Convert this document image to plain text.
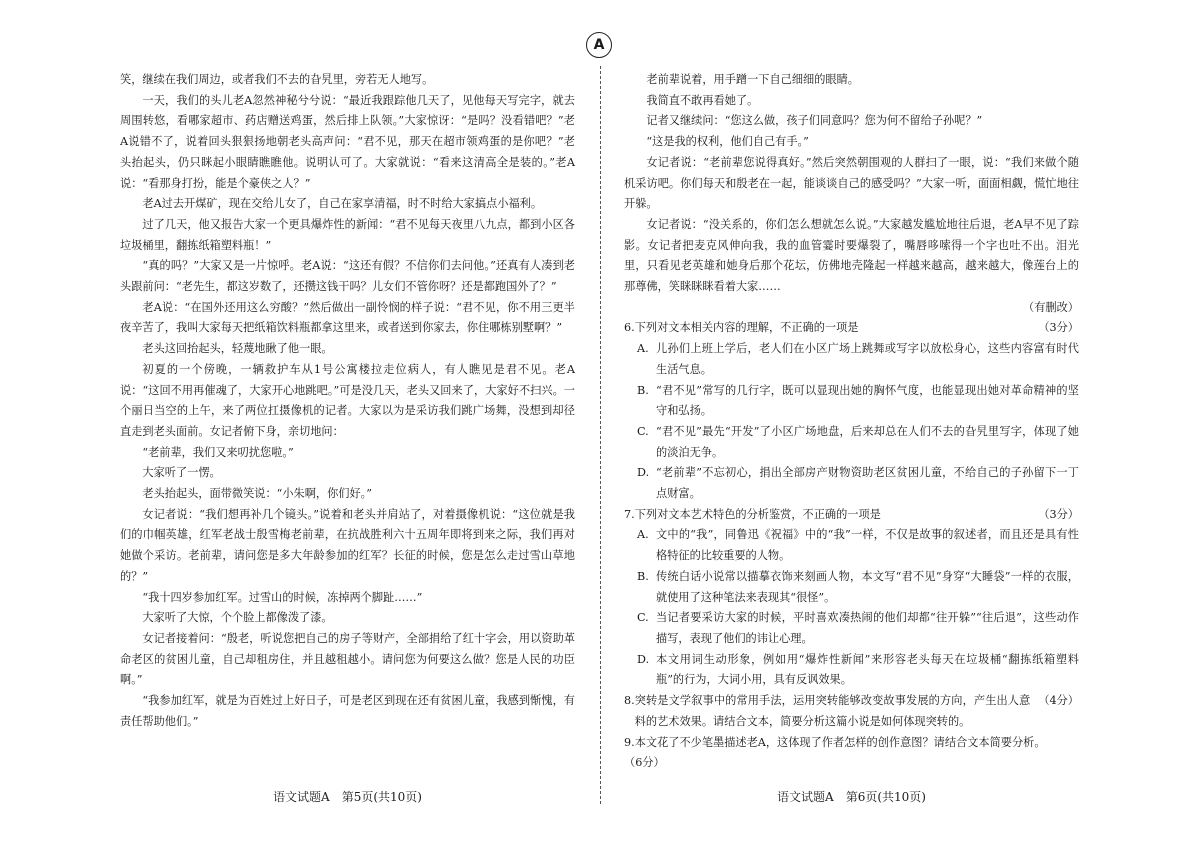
A

笑，继续在我们周边，或者我们不去的旮旯里，旁若无人地写。

一天，我们的头儿老A忽然神秘兮兮说：“最近我跟踪他几天了，见他每天写完字，就去周围转悠，看哪家超市、药店赠送鸡蛋，然后排上队领。”大家惊讶：“是吗？没看错吧？”老A说错不了，说着回头狠狠扬地朝老头高声问：“君不见，那天在超市领鸡蛋的是你吧？”老头抬起头，仍只眯起小眼睛瞧瞧他。说明认可了。大家就说：“看来这清高全是装的。”老A说：“看那身打扮，能是个豪侠之人？”

老A过去开煤矿，现在交给儿女了，自己在家享清福，时不时给大家搞点小福利。

过了几天，他又报告大家一个更具爆炸性的新闻：“君不见每天夜里八九点，都到小区各垃圾桶里，翻拣纸箱塑料瓶！”

“真的吗？”大家又是一片惊呼。老A说：“这还有假？不信你们去问他。”还真有人凑到老头跟前问：“老先生，都这岁数了，还攒这钱干吗？儿女们不管你呀？还是都跑国外了？”

老A说：“在国外还用这么穷酸？”然后做出一副怜悯的样子说：“君不见，你不用三更半夜辛苦了，我叫大家每天把纸箱饮料瓶都拿这里来，或者送到你家去，你住哪栋别墅啊？”

老头这回抬起头，轻蔑地瞅了他一眼。

初夏的一个傍晚，一辆救护车从1号公寓楼拉走位病人，有人瞧见是君不见。老A说：“这回不用再催魂了，大家开心地跳吧。”可是没几天，老头又回来了，大家好不扫兴。一个丽日当空的上午，来了两位扛摄像机的记者。大家以为是采访我们跳广场舞，没想到却径直走到老头面前。女记者俯下身，亲切地问：

“老前辈，我们又来叨扰您啦。”

大家听了一愣。

老头抬起头，面带微笑说：“小朱啊，你们好。”

女记者说：“我们想再补几个镜头。”说着和老头并肩站了，对着摄像机说：“这位就是我们的巾帼英雄，红军老战士殷雪梅老前辈，在抗战胜利六十五周年即将到来之际，我们再对她做个采访。老前辈，请问您是多大年龄参加的红军？长征的时候，您是怎么走过雪山草地的？”

“我十四岁参加红军。过雪山的时候，冻掉两个脚趾……”

大家听了大惊，个个脸上都像泼了漆。

女记者接着问：“殷老，听说您把自己的房子等财产，全部捐给了红十字会，用以资助革命老区的贫困儿童，自己却租房住，并且越租越小。请问您为何要这么做？您是人民的功臣啊。”

“我参加红军，就是为百姓过上好日子，可是老区到现在还有贫困儿童，我感到惭愧，有责任帮助他们。”

老前辈说着，用手蹭一下自己细细的眼睛。

我简直不敢再看她了。

记者又继续问：“您这么做，孩子们同意吗？您为何不留给子孙呢？”

“这是我的权利，他们自己有手。”

女记者说：“老前辈您说得真好。”然后突然朝围观的人群扫了一眼，说：“我们来做个随机采访吧。你们每天和殷老在一起，能谈谈自己的感受吗？”大家一听，面面相觑，慌忙地往开躲。

女记者说：“没关系的，你们怎么想就怎么说。”大家越发尴尬地往后退，老A早不见了踪影。女记者把麦克风伸向我，我的血管霎时要爆裂了，嘴唇哆嗦得一个字也吐不出。泪光里，只看见老英雄和她身后那个花坛，仿佛地壳隆起一样越来越高，越来越大，像莲台上的那尊佛，笑眯眯眯看着大家……

（有删改）

6.	（3分）
下列对文本相关内容的理解，不正确的一项是
A. 儿孙们上班上学后，老人们在小区广场上跳舞或写字以放松身心，这些内容富有时代生活气息。
B. “君不见”常写的几行字，既可以显现出她的胸怀气度，也能显现出她对革命精神的坚守和弘扬。
C. “君不见”最先“开发”了小区广场地盘，后来却总在人们不去的旮旯里写字，体现了她的淡泊无争。
D. “老前辈”不忘初心，捐出全部房产财物资助老区贫困儿童，不给自己的子孙留下一丁点财富。
7.	（3分）
下列对文本艺术特色的分析鉴赏，不正确的一项是
A. 文中的“我”，同鲁迅《祝福》中的“我”一样，不仅是故事的叙述者，而且还是具有性格特征的比较重要的人物。
B. 传统白话小说常以描摹衣饰来刻画人物，本文写“君不见”身穿“大睡袋”一样的衣服，就使用了这种笔法来表现其“很怪”。
C. 当记者要采访大家的时候，平时喜欢凑热闹的他们却都“往开躲”“往后退”，这些动作描写，表现了他们的讳让心理。
D. 本文用词生动形象，例如用“爆炸性新闻”来形容老头每天在垃圾桶“翻拣纸箱塑料瓶”的行为，大词小用，具有反讽效果。
8.	（4分）
突转是文学叙事中的常用手法，运用突转能够改变故事发展的方向，产生出人意料的艺术效果。请结合文本，简要分析这篇小说是如何体现突转的。
9. 本文花了不少笔墨描述老A，这体现了作者怎样的创作意图？请结合文本简要分析。

（6分）

语文试题A　第5页(共10页)	语文试题A　第6页(共10页)
